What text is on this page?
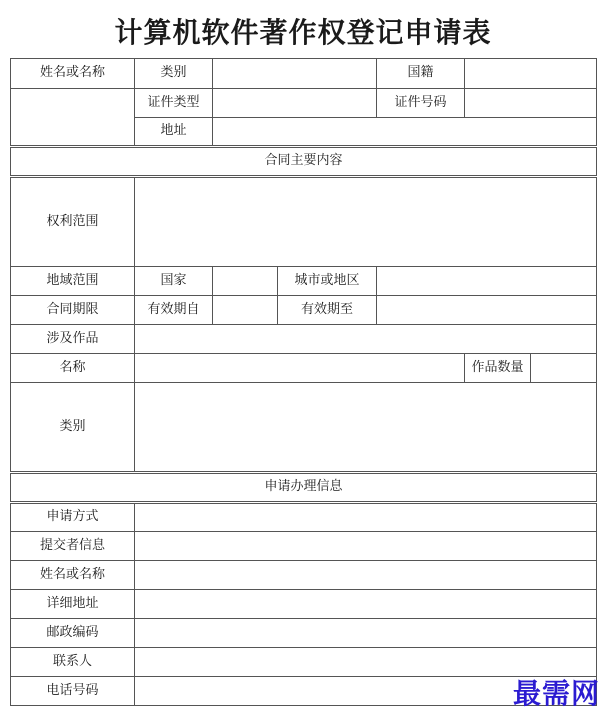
计算机软件著作权登记申请表
姓名或名称	类别			国籍		
	证件类型			证件号码		
	地址					
合同主要内容						
权利范围						
地域范围	国家		城市或地区			
合同期限	有效期自		有效期至			
涉及作品						
名称					作品数量	
类别						
申请办理信息						
申请方式						
提交者信息						
姓名或名称						
详细地址						
邮政编码						
联系人						
电话号码							最需网
